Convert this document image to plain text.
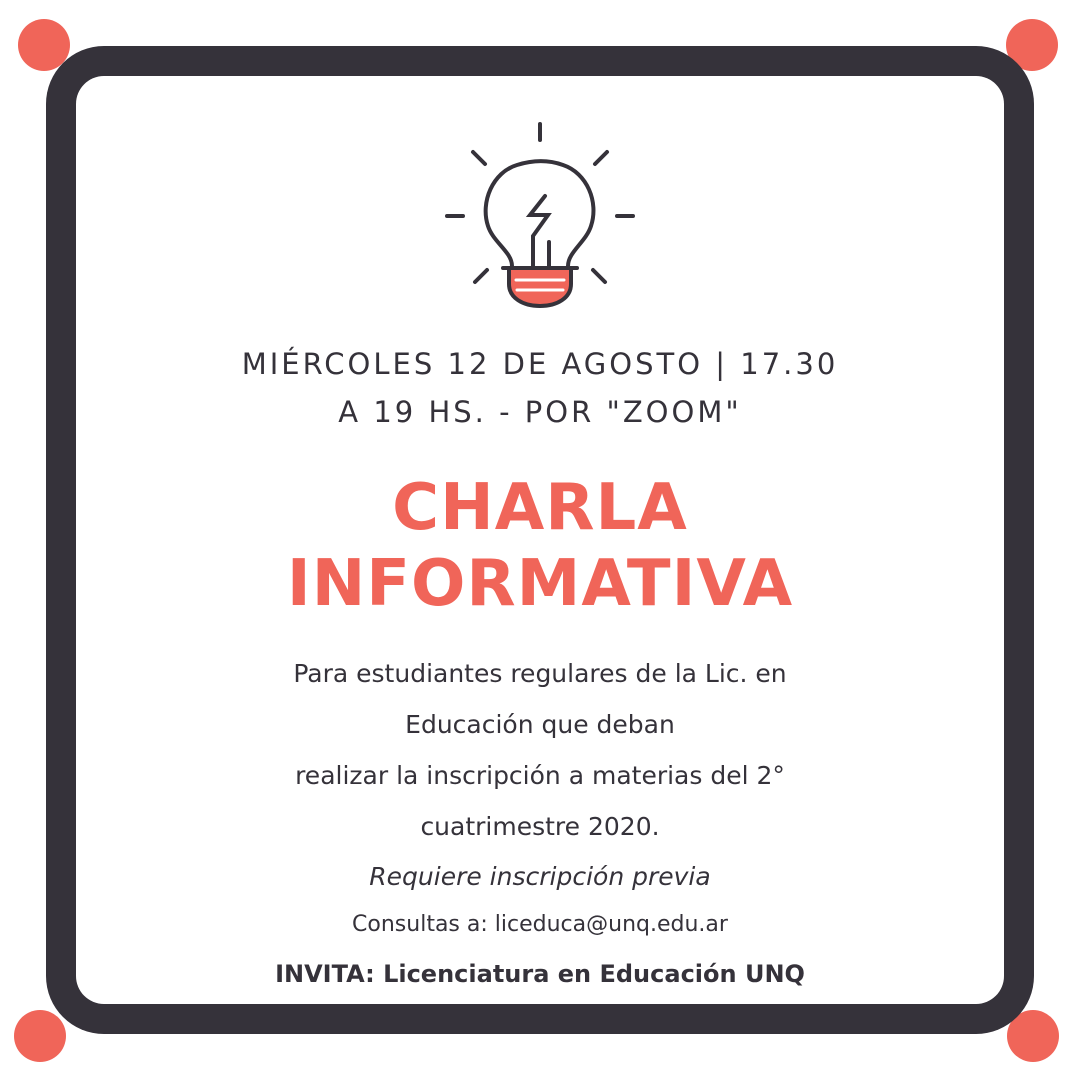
MIÉRCOLES 12 DE AGOSTO | 17.30
A 19 HS. - POR "ZOOM"
CHARLA
INFORMATIVA
Para estudiantes regulares de la Lic. en
Educación que deban
realizar la inscripción a materias del 2°
cuatrimestre 2020.
Requiere inscripción previa
Consultas a: liceduca@unq.edu.ar
INVITA: Licenciatura en Educación UNQ
